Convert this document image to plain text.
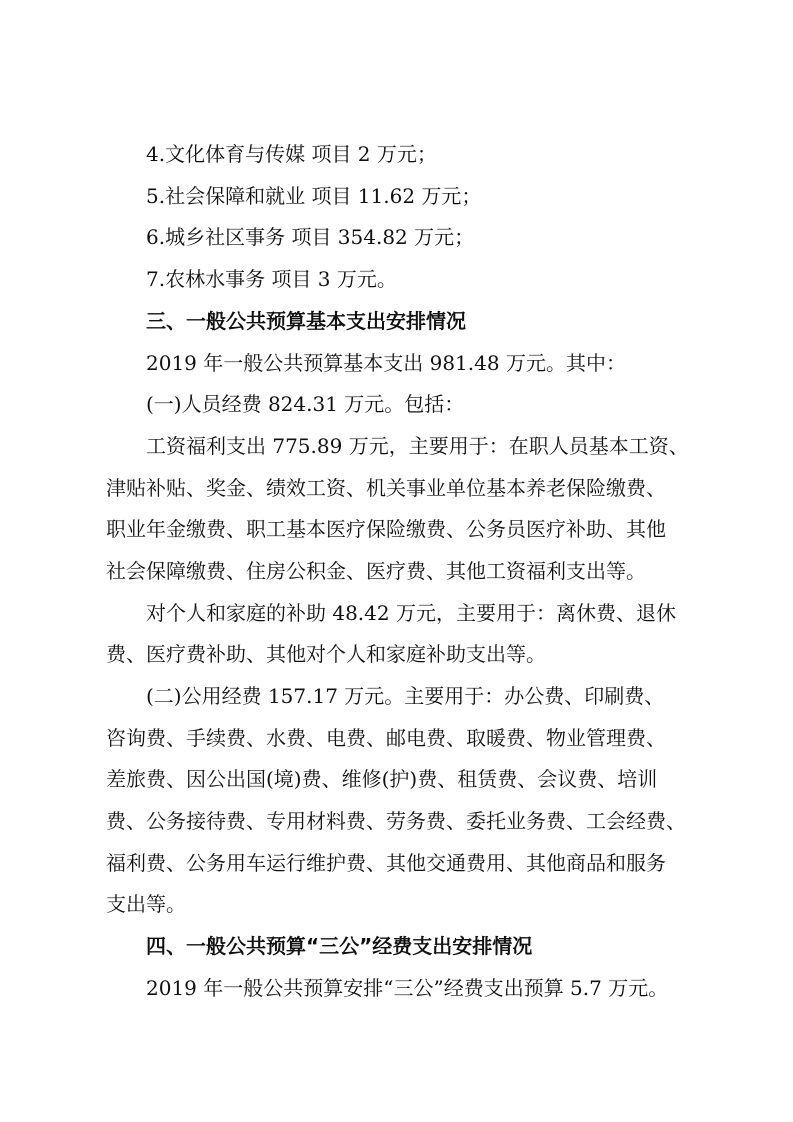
4.文化体育与传媒 项目 2 万元；
5.社会保障和就业 项目 11.62 万元；
6.城乡社区事务 项目 354.82 万元；
7.农林水事务 项目 3 万元。
三、一般公共预算基本支出安排情况
2019 年一般公共预算基本支出 981.48 万元。其中：
(一)人员经费 824.31 万元。包括：
工资福利支出 775.89 万元，主要用于：在职人员基本工资、
津贴补贴、奖金、绩效工资、机关事业单位基本养老保险缴费、
职业年金缴费、职工基本医疗保险缴费、公务员医疗补助、其他
社会保障缴费、住房公积金、医疗费、其他工资福利支出等。
对个人和家庭的补助 48.42 万元，主要用于：离休费、退休
费、医疗费补助、其他对个人和家庭补助支出等。
(二)公用经费 157.17 万元。主要用于：办公费、印刷费、
咨询费、手续费、水费、电费、邮电费、取暖费、物业管理费、
差旅费、因公出国(境)费、维修(护)费、租赁费、会议费、培训
费、公务接待费、专用材料费、劳务费、委托业务费、工会经费、
福利费、公务用车运行维护费、其他交通费用、其他商品和服务
支出等。
四、一般公共预算“三公”经费支出安排情况
2019 年一般公共预算安排“三公”经费支出预算 5.7 万元。
